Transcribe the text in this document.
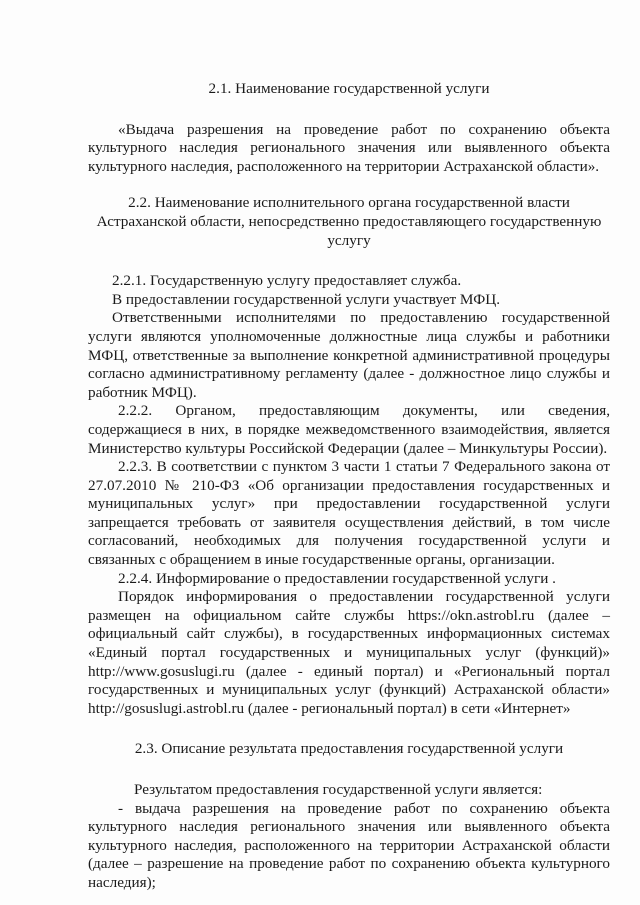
2.1. Наименование государственной услуги

«Выдача разрешения на проведение работ по сохранению объекта культурного наследия регионального значения или выявленного объекта культурного наследия, расположенного на территории Астраханской области».

2.2. Наименование исполнительного органа государственной власти Астраханской области, непосредственно предоставляющего государственную услугу

2.2.1. Государственную услугу предоставляет служба.

В предоставлении государственной услуги участвует МФЦ.

Ответственными исполнителями по предоставлению государственной услуги являются уполномоченные должностные лица службы и работники МФЦ, ответственные за выполнение конкретной административной процедуры согласно административному регламенту (далее - должностное лицо службы и работник МФЦ).

2.2.2. Органом, предоставляющим документы, или сведения, содержащиеся в них, в порядке межведомственного взаимодействия, является Министерство культуры Российской Федерации (далее – Минкультуры России).

2.2.3. В соответствии с пунктом 3 части 1 статьи 7 Федерального закона от 27.07.2010 № 210-ФЗ «Об организации предоставления государственных и муниципальных услуг» при предоставлении государственной услуги запрещается требовать от заявителя осуществления действий, в том числе согласований, необходимых для получения государственной услуги и связанных с обращением в иные государственные органы, организации.

2.2.4. Информирование о предоставлении государственной услуги .

Порядок информирования о предоставлении государственной услуги размещен на официальном сайте службы https://okn.astrobl.ru (далее – официальный сайт службы), в государственных информационных системах «Единый портал государственных и муниципальных услуг (функций)» http://www.gosuslugi.ru (далее - единый портал) и «Региональный портал государственных и муниципальных услуг (функций) Астраханской области» http://gosuslugi.astrobl.ru (далее - региональный портал) в сети «Интернет»

2.3. Описание результата предоставления государственной услуги

Результатом предоставления государственной услуги является:

- выдача разрешения на проведение работ по сохранению объекта культурного наследия регионального значения или выявленного объекта культурного наследия, расположенного на территории Астраханской области (далее – разрешение на проведение работ по сохранению объекта культурного наследия);
